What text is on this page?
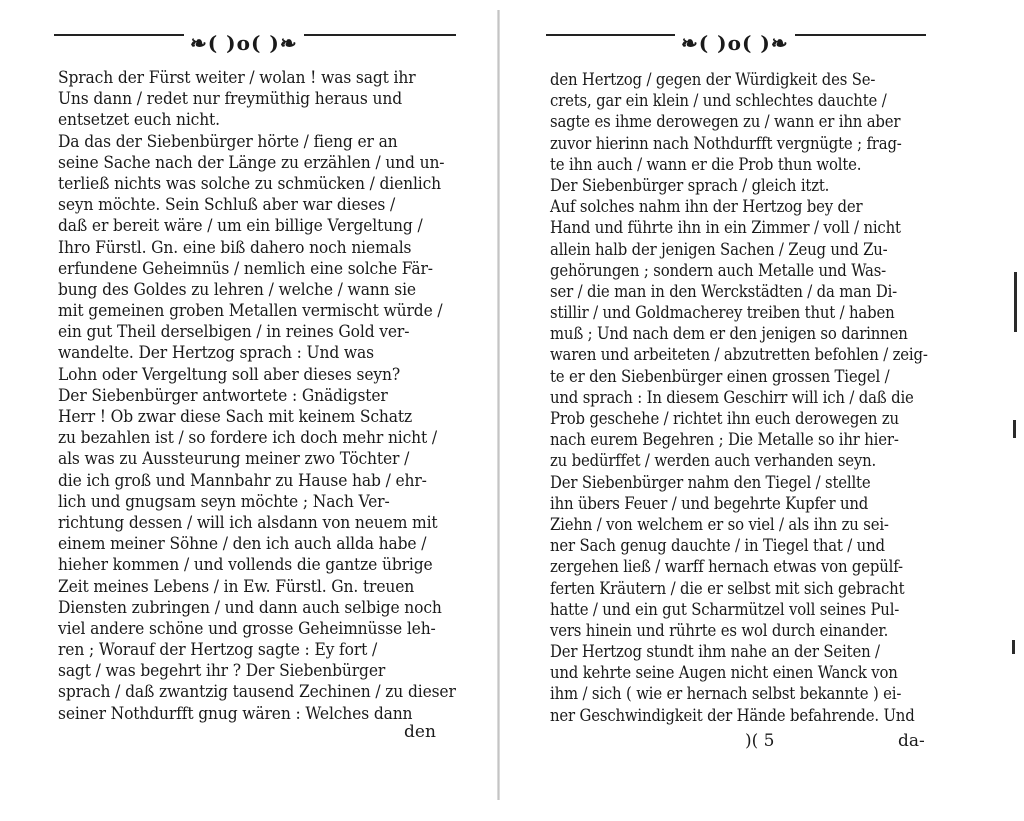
❧( )o( )❧
Sprach der Fürst weiter / wolan ! was sagt ihr
Uns dann / redet nur freymüthig heraus und
entsetzet euch nicht.
Da das der Siebenbürger hörte / fieng er an
seine Sache nach der Länge zu erzählen / und un-
terließ nichts was solche zu schmücken / dienlich
seyn möchte. Sein Schluß aber war dieses /
daß er bereit wäre / um ein billige Vergeltung /
Ihro Fürstl. Gn. eine biß dahero noch niemals
erfundene Geheimnüs / nemlich eine solche Fär-
bung des Goldes zu lehren / welche / wann sie
mit gemeinen groben Metallen vermischt würde /
ein gut Theil derselbigen / in reines Gold ver-
wandelte. Der Hertzog sprach : Und was
Lohn oder Vergeltung soll aber dieses seyn?
Der Siebenbürger antwortete : Gnädigster
Herr ! Ob zwar diese Sach mit keinem Schatz
zu bezahlen ist / so fordere ich doch mehr nicht /
als was zu Aussteurung meiner zwo Töchter /
die ich groß und Mannbahr zu Hause hab / ehr-
lich und gnugsam seyn möchte ; Nach Ver-
richtung dessen / will ich alsdann von neuem mit
einem meiner Söhne / den ich auch allda habe /
hieher kommen / und vollends die gantze übrige
Zeit meines Lebens / in Ew. Fürstl. Gn. treuen
Diensten zubringen / und dann auch selbige noch
viel andere schöne und grosse Geheimnüsse leh-
ren ; Worauf der Hertzog sagte : Ey fort /
sagt / was begehrt ihr ? Der Siebenbürger
sprach / daß zwantzig tausend Zechinen / zu dieser
seiner Nothdurfft gnug wären : Welches dann
den
❧( )o( )❧
den Hertzog / gegen der Würdigkeit des Se-
crets, gar ein klein / und schlechtes dauchte /
sagte es ihme derowegen zu / wann er ihn aber
zuvor hierinn nach Nothdurfft vergnügte ; frag-
te ihn auch / wann er die Prob thun wolte.
Der Siebenbürger sprach / gleich itzt.
Auf solches nahm ihn der Hertzog bey der
Hand und führte ihn in ein Zimmer / voll / nicht
allein halb der jenigen Sachen / Zeug und Zu-
gehörungen ; sondern auch Metalle und Was-
ser / die man in den Werckstädten / da man Di-
stillir / und Goldmacherey treiben thut / haben
muß ; Und nach dem er den jenigen so darinnen
waren und arbeiteten / abzutretten befohlen / zeig-
te er den Siebenbürger einen grossen Tiegel /
und sprach : In diesem Geschirr will ich / daß die
Prob geschehe / richtet ihn euch derowegen zu
nach eurem Begehren ; Die Metalle so ihr hier-
zu bedürffet / werden auch verhanden seyn.
Der Siebenbürger nahm den Tiegel / stellte
ihn übers Feuer / und begehrte Kupfer und
Ziehn / von welchem er so viel / als ihn zu sei-
ner Sach genug dauchte / in Tiegel that / und
zergehen ließ / warff hernach etwas von gepülf-
ferten Kräutern / die er selbst mit sich gebracht
hatte / und ein gut Scharmützel voll seines Pul-
vers hinein und rührte es wol durch einander.
Der Hertzog stundt ihm nahe an der Seiten /
und kehrte seine Augen nicht einen Wanck von
ihm / sich ( wie er hernach selbst bekannte ) ei-
ner Geschwindigkeit der Hände befahrende. Und
)( 5	da-
